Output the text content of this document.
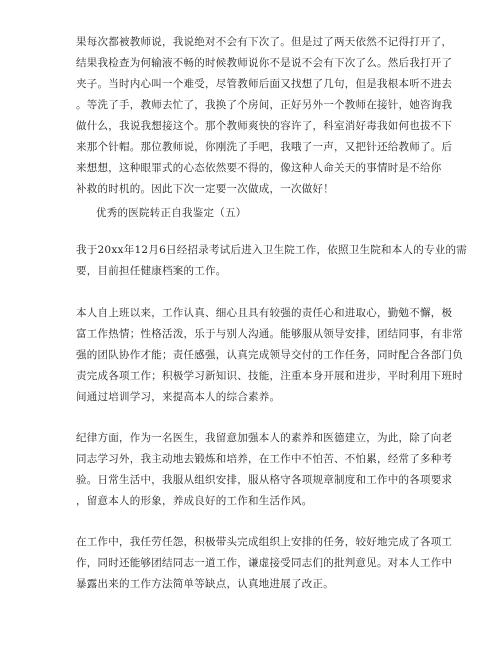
果每次都被教师说，我说绝对不会有下次了。但是过了两天依然不记得打开了，
结果我检查为何输液不畅的时候教师说你不是说不会有下次了么。然后我打开了
夹子。当时内心叫一个难受，尽管教师后面又找想了几句，但是我根本听不进去
。等洗了手，教师去忙了，我换了个房间，正好另外一个教师在接针，她咨询我
做什么，我说我想接这个。那个教师爽快的容许了，科室消好毒我如何也拔不下
来那个针帽。那位教师说，你刚洗了手吧，我哦了一声，又把针还给教师了。后
来想想，这种眼罪式的心态依然要不得的，像这种人命关天的事情时是不给你
补救的时机的。因此下次一定要一次做成，一次做好！
优秀的医院转正自我鉴定（五）
我于20xx年12月6日经招录考试后进入卫生院工作，依照卫生院和本人的专业的需
要，目前担任健康档案的工作。
本人自上班以来，工作认真、细心且具有较强的责任心和进取心，勤勉不懈，极
富工作热情；性格活泼，乐于与别人沟通。能够服从领导安排，团结同事，有非常
强的团队协作才能；责任感强，认真完成领导交付的工作任务，同时配合各部门负
责完成各项工作；积极学习新知识、技能，注重本身开展和进步，平时利用下班时
间通过培训学习，来提高本人的综合素养。
纪律方面，作为一名医生，我留意加强本人的素养和医德建立，为此，除了向老
同志学习外，我主动地去锻炼和培养，在工作中不怕苦、不怕累，经常了多种考
验。日常生活中，我服从组织安排，服从格守各项规章制度和工作中的各项要求
，留意本人的形象，养成良好的工作和生活作风。
在工作中，我任劳任怨，积极带头完成组织上安排的任务，较好地完成了各项工
作，同时还能够团结同志一道工作，谦虚接受同志们的批判意见。对本人工作中
暴露出来的工作方法简单等缺点，认真地进展了改正。
